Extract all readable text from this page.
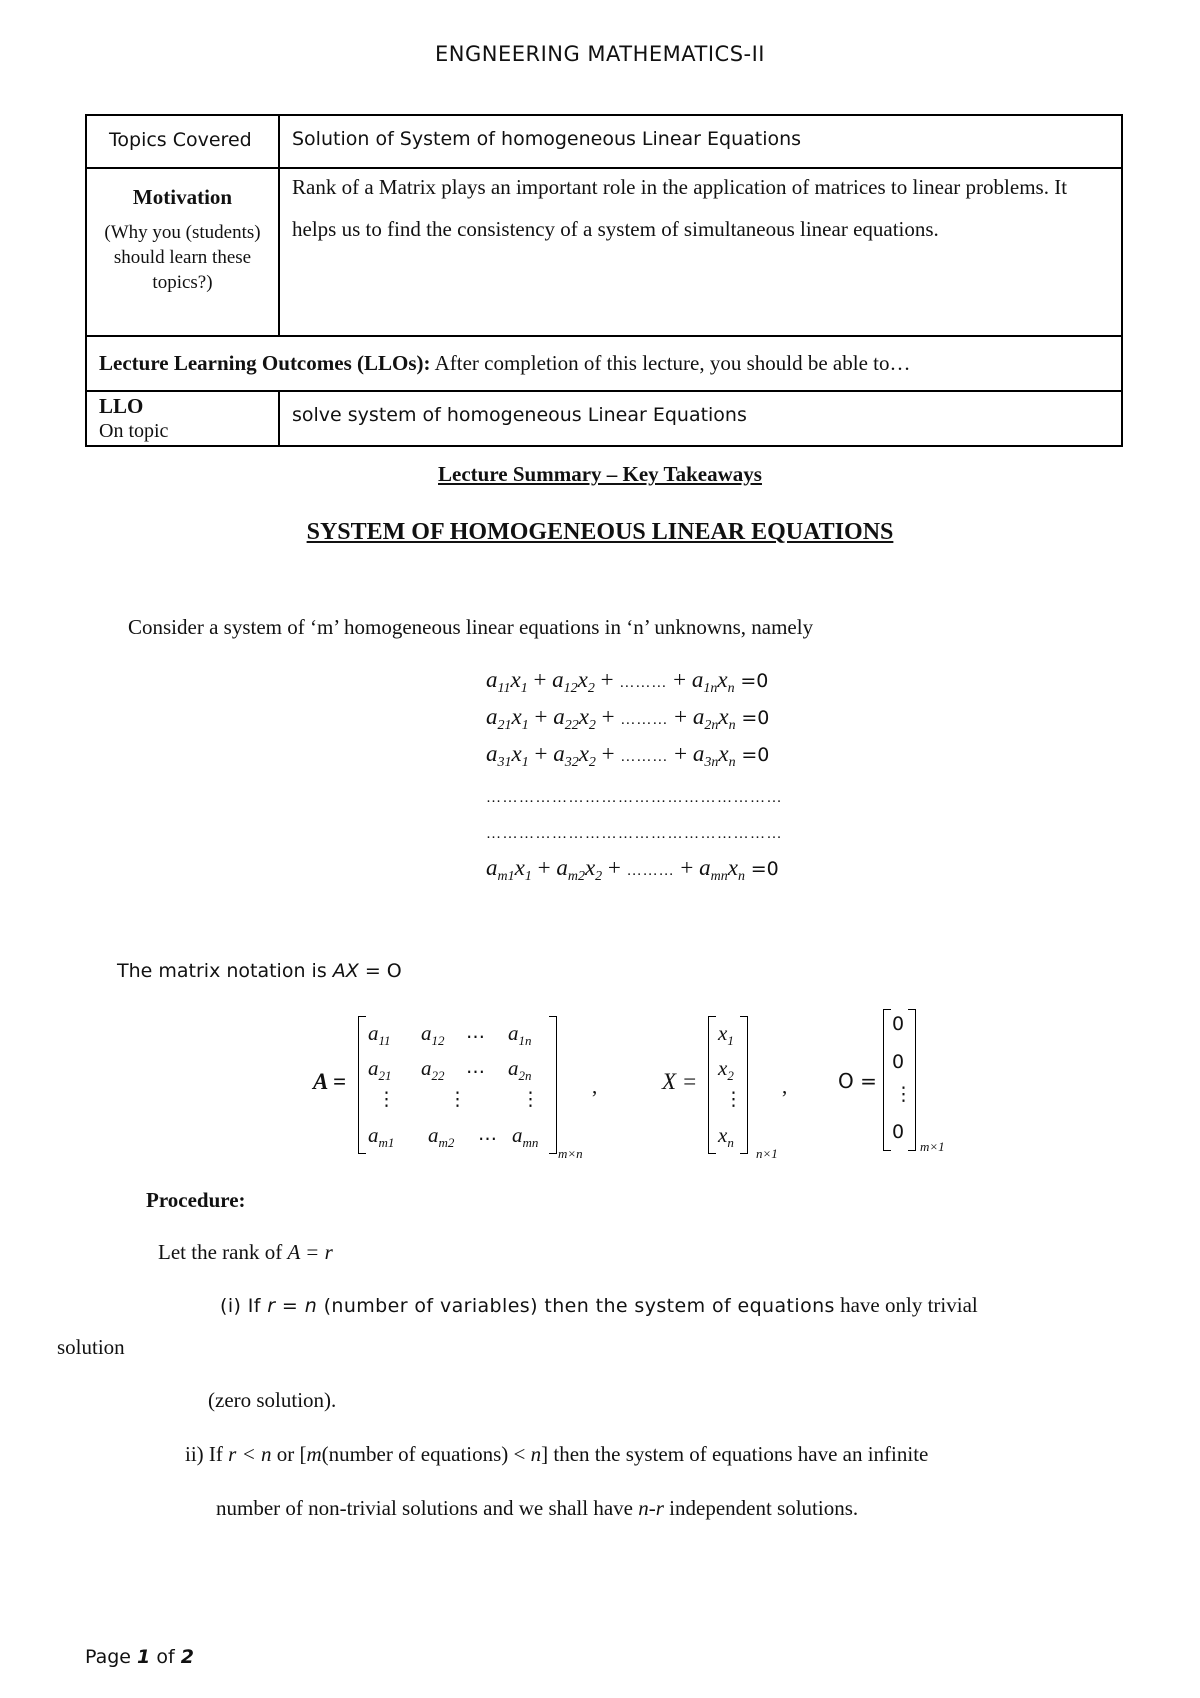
ENGNEERING MATHEMATICS-II
Topics Covered	Solution of System of homogeneous Linear Equations

Motivation
(Why you (students) should learn these topics?)	Rank of a Matrix plays an important role in the application of matrices to linear problems. It helps us to find the consistency of a system of simultaneous linear equations.

Lecture Learning Outcomes (LLOs): After completion of this lecture, you should be able to…	

LLO
On topic	solve system of homogeneous Linear Equations
Lecture Summary – Key Takeaways
SYSTEM OF HOMOGENEOUS LINEAR EQUATIONS
Consider a system of ‘m’ homogeneous linear equations in ‘n’ unknowns, namely
$a_{11}x_1 + a_{12}x_2$ + ……… + $a_{1n}x_n =0$
$a_{21}x_1 + a_{22}x_2$ + ……… + $a_{2n}x_n =0$
$a_{31}x_1 + a_{32}x_2$ + ……… + $a_{3n}x_n =0$
………………………………………………
………………………………………………
$a_{m1}x_1 + a_{m2}x_2$ + ……… + $a_{mn}x_n =0$
The matrix notation is AX = O
A =
$a_{11}$ $a_{12}$ … $a_{1n}$
$a_{21}$ $a_{22}$ … $a_{2n}$
⋮	⋮	⋮
$a_{m1}$ $a_{m2}$ … $a_{mn}$
m×n
,	X =
$x_1$
$x_2$
⋮
$x_n$
n×1
,	O =
0
0
⋮
0
m×1
Procedure:
Let the rank of A = r
(i) If r = n (number of variables) then the system of equations have only trivial
solution
(zero solution).
ii) If r < n or [m(number of equations) < n] then the system of equations have an infinite
number of non-trivial solutions and we shall have n-r independent solutions.
Page 1 of 2
